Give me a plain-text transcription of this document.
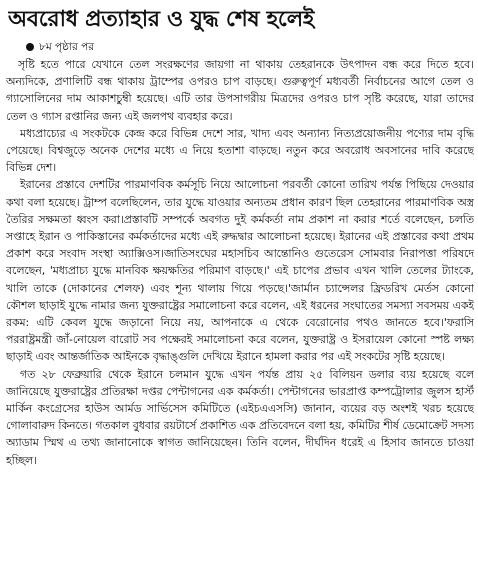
অবরোধ প্রত্যাহার ও যুদ্ধ শেষ হলেই
৮ম পৃষ্ঠার পর

সৃষ্টি হতে পারে যেখানে তেল সংরক্ষণের জায়গা না থাকায় তেহরানকে উৎপাদন বন্ধ করে দিতে হবে।অন্যদিকে, প্রণালিটি বন্ধ থাকায় ট্রাম্পের ওপরও চাপ বাড়ছে। গুরুত্বপূর্ণ মধ্যবর্তী নির্বাচনের আগে তেল ও গ্যাসোলিনের দাম আকাশচুম্বী হয়েছে। এটি তার উপসাগরীয় মিত্রদের ওপরও চাপ সৃষ্টি করেছে, যারা তাদের তেল ও গ্যাস রপ্তানির জন্য এই জলপথ ব্যবহার করে।

মধ্যপ্রাচ্যের এ সংকটকে কেন্দ্র করে বিভিন্ন দেশে সার, খাদ্য এবং অন্যান্য নিত্যপ্রয়োজনীয় পণ্যের দাম বৃদ্ধি পেয়েছে। বিশ্বজুড়ে অনেক দেশের মধ্যে এ নিয়ে হতাশা বাড়ছে। নতুন করে অবরোধ অবসানের দাবি করেছে বিভিন্ন দেশ।

ইরানের প্রস্তাবে দেশটির পারমাণবিক কর্মসূচি নিয়ে আলোচনা পরবর্তী কোনো তারিখ পর্যন্ত পিছিয়ে দেওয়ার কথা বলা হয়েছে। ট্রাম্প বলেছিলেন, তার যুদ্ধে যাওয়ার অন্যতম প্রধান কারণ ছিল তেহরানের পারমাণবিক অস্ত্র তৈরির সক্ষমতা ধ্বংস করা।প্রস্তাবটি সম্পর্কে অবগত দুই কর্মকর্তা নাম প্রকাশ না করার শর্তে বলেছেন, চলতি সপ্তাহে ইরান ও পাকিস্তানের কর্মকর্তাদের মধ্যে এই রুদ্ধদ্বার আলোচনা হয়েছে। ইরানের এই প্রস্তাবের কথা প্রথম প্রকাশ করে সংবাদ সংস্থা অ্যাক্সিওস।জাতিসংঘের মহাসচিব আন্তোনিও গুতেরেস সোমবার নিরাপত্তা পরিষদে বলেছেন, 'মধ্যপ্রাচ্য যুদ্ধে মানবিক ক্ষয়ক্ষতির পরিমাণ বাড়ছে।' এই চাপের প্রভাব এখন খালি তেলের ট্যাংকে, খালি তাকে (দোকানের শেলফ) এবং শূন্য থালায় গিয়ে পড়ছে।'জার্মান চ্যান্সেলর ফ্রিডরিখ মের্তস কোনো কৌশল ছাড়াই যুদ্ধে নামার জন্য যুক্তরাষ্ট্রের সমালোচনা করে বলেন, এই ধরনের সংঘাতের সমস্যা সবসময় একই রকম: এটি কেবল যুদ্ধে জড়ানো নিয়ে নয়, আপনাকে এ থেকে বেরোনোর পথও জানতে হবে।'ফরাসি পররাষ্ট্রমন্ত্রী জাঁ-নোয়েল বারোট সব পক্ষেরই সমালোচনা করে বলেন, যুক্তরাষ্ট্র ও ইসরায়েল কোনো স্পষ্ট লক্ষ্য ছাড়াই এবং আন্তর্জাতিক আইনকে বৃদ্ধাঙ্গুলি দেখিয়ে ইরানে হামলা করার পর এই সংকটের সৃষ্টি হয়েছে।

গত ২৮ ফেব্রুয়ারি থেকে ইরানে চলমান যুদ্ধে এখন পর্যন্ত প্রায় ২৫ বিলিয়ন ডলার ব্যয় হয়েছে বলে জানিয়েছে যুক্তরাষ্ট্রের প্রতিরক্ষা দপ্তর পেন্টাগনের এক কর্মকর্তা। পেন্টাগনের ভারপ্রাপ্ত কম্পট্রোলার জুলস হার্স্ট মার্কিন কংগ্রেসের হাউস আর্মড সার্ভিসেস কমিটিতে (এইচএএসসি) জানান, ব্যয়ের বড় অংশই খরচ হয়েছে গোলাবারুদ কিনতে। গতকাল বুধবার রয়টার্সে প্রকাশিত এক প্রতিবেদনে বলা হয়, কমিটির শীর্ষ ডেমোক্রেট সদস্য অ্যাডাম স্মিথ এ তথ্য জানানোকে স্বাগত জানিয়েছেন। তিনি বলেন, দীর্ঘদিন ধরেই এ হিসাব জানতে চাওয়া হচ্ছিল।
